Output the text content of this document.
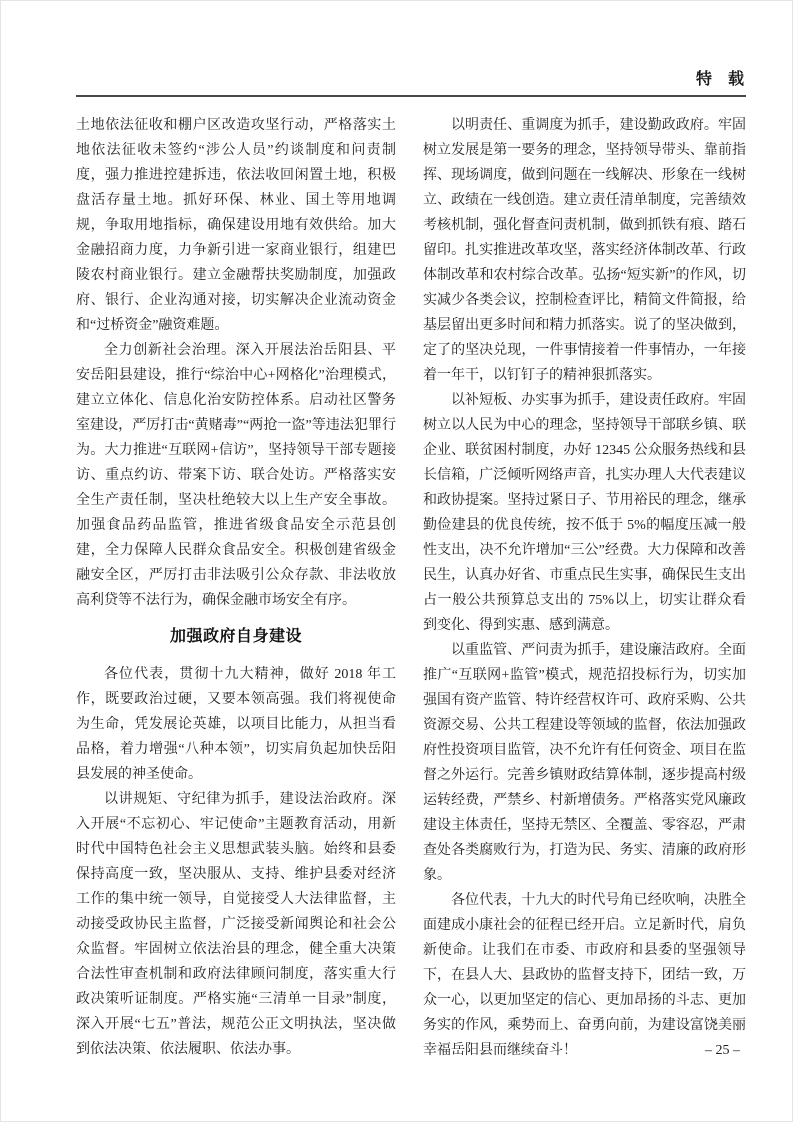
特　载

土地依法征收和棚户区改造攻坚行动，严格落实土地依法征收未签约“涉公人员”约谈制度和问责制度，强力推进控建拆违，依法收回闲置土地，积极盘活存量土地。抓好环保、林业、国土等用地调规，争取用地指标，确保建设用地有效供给。加大金融招商力度，力争新引进一家商业银行，组建巴陵农村商业银行。建立金融帮扶奖励制度，加强政府、银行、企业沟通对接，切实解决企业流动资金和“过桥资金”融资难题。

全力创新社会治理。深入开展法治岳阳县、平安岳阳县建设，推行“综治中心+网格化”治理模式，建立立体化、信息化治安防控体系。启动社区警务室建设，严厉打击“黄赌毒”“两抢一盗”等违法犯罪行为。大力推进“互联网+信访”，坚持领导干部专题接访、重点约访、带案下访、联合处访。严格落实安全生产责任制，坚决杜绝较大以上生产安全事故。加强食品药品监管，推进省级食品安全示范县创建，全力保障人民群众食品安全。积极创建省级金融安全区，严厉打击非法吸引公众存款、非法收放高利贷等不法行为，确保金融市场安全有序。

加强政府自身建设

各位代表，贯彻十九大精神，做好 2018 年工作，既要政治过硬，又要本领高强。我们将视使命为生命，凭发展论英雄，以项目比能力，从担当看品格，着力增强“八种本领”，切实肩负起加快岳阳县发展的神圣使命。

以讲规矩、守纪律为抓手，建设法治政府。深入开展“不忘初心、牢记使命”主题教育活动，用新时代中国特色社会主义思想武装头脑。始终和县委保持高度一致，坚决服从、支持、维护县委对经济工作的集中统一领导，自觉接受人大法律监督，主动接受政协民主监督，广泛接受新闻舆论和社会公众监督。牢固树立依法治县的理念，健全重大决策合法性审查机制和政府法律顾问制度，落实重大行政决策听证制度。严格实施“三清单一目录”制度，深入开展“七五”普法，规范公正文明执法，坚决做到依法决策、依法履职、依法办事。

以明责任、重调度为抓手，建设勤政政府。牢固树立发展是第一要务的理念，坚持领导带头、靠前指挥、现场调度，做到问题在一线解决、形象在一线树立、政绩在一线创造。建立责任清单制度，完善绩效考核机制，强化督查问责机制，做到抓铁有痕、踏石留印。扎实推进改革攻坚，落实经济体制改革、行政体制改革和农村综合改革。弘扬“短实新”的作风，切实减少各类会议，控制检查评比，精简文件简报，给基层留出更多时间和精力抓落实。说了的坚决做到，定了的坚决兑现，一件事情接着一件事情办，一年接着一年干，以钉钉子的精神狠抓落实。

以补短板、办实事为抓手，建设责任政府。牢固树立以人民为中心的理念，坚持领导干部联乡镇、联企业、联贫困村制度，办好 12345 公众服务热线和县长信箱，广泛倾听网络声音，扎实办理人大代表建议和政协提案。坚持过紧日子、节用裕民的理念，继承勤俭建县的优良传统，按不低于 5%的幅度压减一般性支出，决不允许增加“三公”经费。大力保障和改善民生，认真办好省、市重点民生实事，确保民生支出占一般公共预算总支出的 75%以上，切实让群众看到变化、得到实惠、感到满意。

以重监管、严问责为抓手，建设廉洁政府。全面推广“互联网+监管”模式，规范招投标行为，切实加强国有资产监管、特许经营权许可、政府采购、公共资源交易、公共工程建设等领域的监督，依法加强政府性投资项目监管，决不允许有任何资金、项目在监督之外运行。完善乡镇财政结算体制，逐步提高村级运转经费，严禁乡、村新增债务。严格落实党风廉政建设主体责任，坚持无禁区、全覆盖、零容忍，严肃查处各类腐败行为，打造为民、务实、清廉的政府形象。

各位代表，十九大的时代号角已经吹响，决胜全面建成小康社会的征程已经开启。立足新时代，肩负新使命。让我们在市委、市政府和县委的坚强领导下，在县人大、县政协的监督支持下，团结一致，万众一心，以更加坚定的信心、更加昂扬的斗志、更加务实的作风，乘势而上、奋勇向前，为建设富饶美丽幸福岳阳县而继续奋斗！	– 25 –
